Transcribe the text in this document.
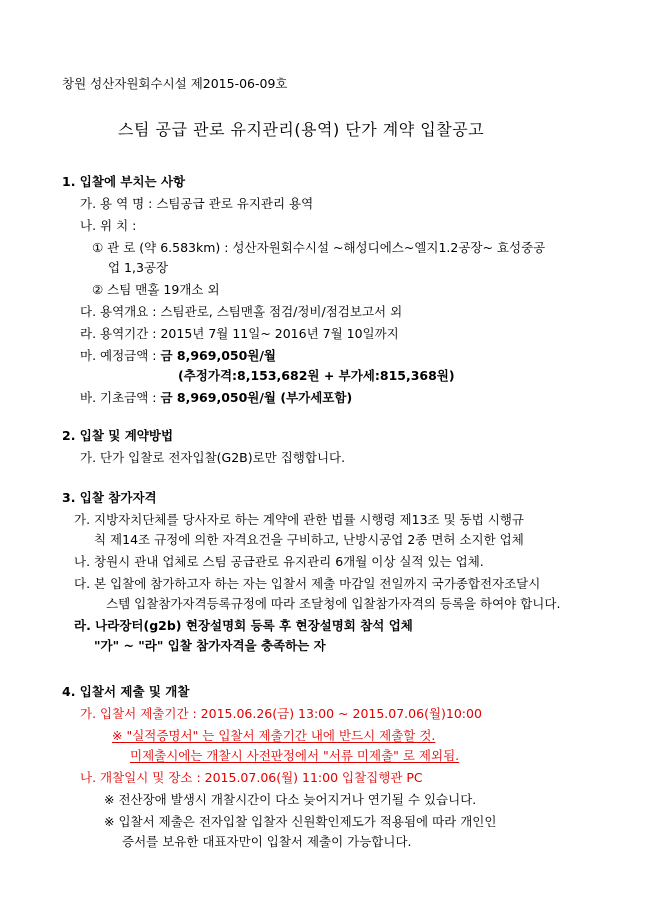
창원 성산자원회수시설 제2015-06-09호
스팀 공급 관로 유지관리(용역) 단가 계약 입찰공고
1. 입찰에 부치는 사항
가. 용 역 명 : 스팀공급 관로 유지관리 용역
나. 위 치 :
① 관 로 (약 6.583km) : 성산자원회수시설 ~해성디에스~엘지1.2공장~ 효성중공
업 1,3공장
② 스팀 맨홀 19개소 외
다. 용역개요 : 스팀관로, 스팀맨홀 점검/정비/점검보고서 외
라. 용역기간 : 2015년 7월 11일~ 2016년 7월 10일까지
마. 예정금액 : 금 8,969,050원/월
(추정가격:8,153,682원 + 부가세:815,368원)
바. 기초금액 : 금 8,969,050원/월 (부가세포함)
2. 입찰 및 계약방법
가. 단가 입찰로 전자입찰(G2B)로만 집행합니다.
3. 입찰 참가자격
가. 지방자치단체를 당사자로 하는 계약에 관한 법률 시행령 제13조 및 동법 시행규
칙 제14조 규정에 의한 자격요건을 구비하고, 난방시공업 2종 면허 소지한 업체
나. 창원시 관내 업체로 스팀 공급관로 유지관리 6개월 이상 실적 있는 업체.
다. 본 입찰에 참가하고자 하는 자는 입찰서 제출 마감일 전일까지 국가종합전자조달시
스템 입찰참가자격등록규정에 따라 조달청에 입찰참가자격의 등록을 하여야 합니다.
라. 나라장터(g2b) 현장설명회 등록 후 현장설명회 참석 업체
"가" ~ "라" 입찰 참가자격을 충족하는 자
4. 입찰서 제출 및 개찰
가. 입찰서 제출기간 : 2015.06.26(금) 13:00 ~ 2015.07.06(월)10:00
※ "실적증명서" 는 입찰서 제출기간 내에 반드시 제출할 것.
미제출시에는 개찰시 사전판정에서 "서류 미제출" 로 제외됨.
나. 개찰일시 및 장소 : 2015.07.06(월) 11:00 입찰집행관 PC
※ 전산장애 발생시 개찰시간이 다소 늦어지거나 연기될 수 있습니다.
※ 입찰서 제출은 전자입찰 입찰자 신원확인제도가 적용됨에 따라 개인인
증서를 보유한 대표자만이 입찰서 제출이 가능합니다.
